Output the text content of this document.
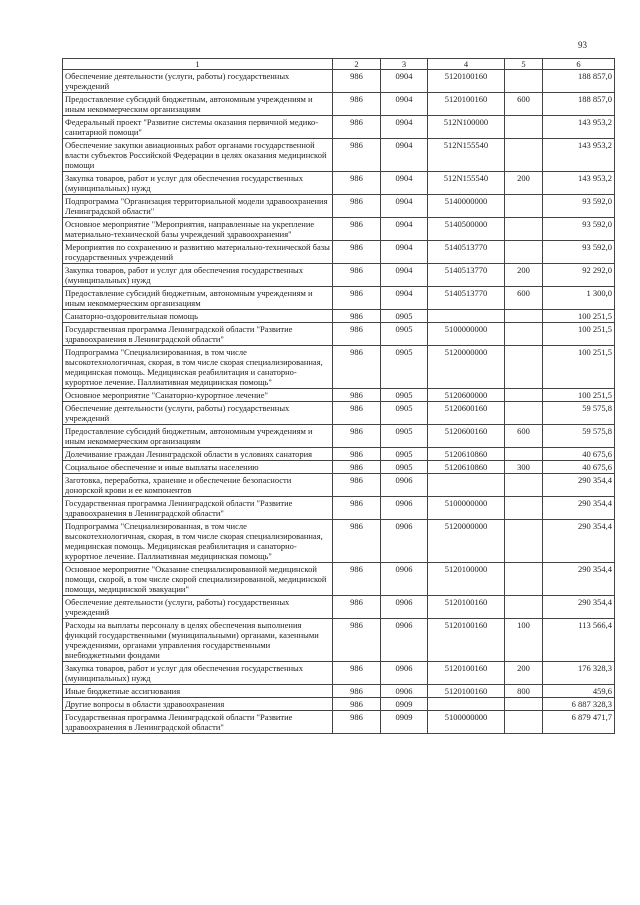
93
1	2	3	4	5	6
Обеспечение деятельности (услуги, работы) государственных учреждений	986	0904	5120100160		188 857,0
Предоставление субсидий бюджетным, автономным учреждениям и иным некоммерческим организациям	986	0904	5120100160	600	188 857,0
Федеральный проект "Развитие системы оказания первичной медико-санитарной помощи"	986	0904	512N100000		143 953,2
Обеспечение закупки авиационных работ органами государственной власти субъектов Российской Федерации в целях оказания медицинской помощи	986	0904	512N155540		143 953,2
Закупка товаров, работ и услуг для обеспечения государственных (муниципальных) нужд	986	0904	512N155540	200	143 953,2
Подпрограмма "Организация территориальной модели здравоохранения Ленинградской области"	986	0904	5140000000		93 592,0
Основное мероприятие "Мероприятия, направленные на укрепление материально-технической базы учреждений здравоохранения"	986	0904	5140500000		93 592,0
Мероприятия по сохранению и развитию материально-технической базы государственных учреждений	986	0904	5140513770		93 592,0
Закупка товаров, работ и услуг для обеспечения государственных (муниципальных) нужд	986	0904	5140513770	200	92 292,0
Предоставление субсидий бюджетным, автономным учреждениям и иным некоммерческим организациям	986	0904	5140513770	600	1 300,0
Санаторно-оздоровительная помощь	986	0905			100 251,5
Государственная программа Ленинградской области "Развитие здравоохранения в Ленинградской области"	986	0905	5100000000		100 251,5
Подпрограмма "Специализированная, в том числе высокотехнологичная, скорая, в том числе скорая специализированная, медицинская помощь. Медицинская реабилитация и санаторно-курортное лечение. Паллиативная медицинская помощь"	986	0905	5120000000		100 251,5
Основное мероприятие "Санаторно-курортное лечение"	986	0905	5120600000		100 251,5
Обеспечение деятельности (услуги, работы) государственных учреждений	986	0905	5120600160		59 575,8
Предоставление субсидий бюджетным, автономным учреждениям и иным некоммерческим организациям	986	0905	5120600160	600	59 575,8
Долечивание граждан Ленинградской области в условиях санатория	986	0905	5120610860		40 675,6
Социальное обеспечение и иные выплаты населению	986	0905	5120610860	300	40 675,6
Заготовка, переработка, хранение и обеспечение безопасности донорской крови и ее компонентов	986	0906			290 354,4
Государственная программа Ленинградской области "Развитие здравоохранения в Ленинградской области"	986	0906	5100000000		290 354,4
Подпрограмма "Специализированная, в том числе высокотехнологичная, скорая, в том числе скорая специализированная, медицинская помощь. Медицинская реабилитация и санаторно-курортное лечение. Паллиативная медицинская помощь"	986	0906	5120000000		290 354,4
Основное мероприятие "Оказание специализированной медицинской помощи, скорой, в том числе скорой специализированной, медицинской помощи, медицинской эвакуации"	986	0906	5120100000		290 354,4
Обеспечение деятельности (услуги, работы) государственных учреждений	986	0906	5120100160		290 354,4
Расходы на выплаты персоналу в целях обеспечения выполнения функций государственными (муниципальными) органами, казенными учреждениями, органами управления государственными внебюджетными фондами	986	0906	5120100160	100	113 566,4
Закупка товаров, работ и услуг для обеспечения государственных (муниципальных) нужд	986	0906	5120100160	200	176 328,3
Иные бюджетные ассигнования	986	0906	5120100160	800	459,6
Другие вопросы в области здравоохранения	986	0909			6 887 328,3
Государственная программа Ленинградской области "Развитие здравоохранения в Ленинградской области"	986	0909	5100000000		6 879 471,7
